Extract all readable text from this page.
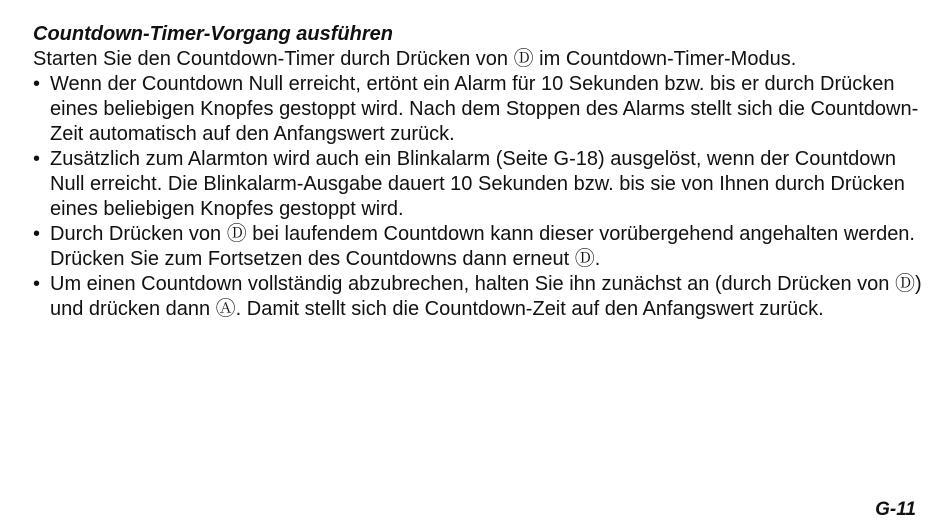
Countdown-Timer-Vorgang ausführen

Starten Sie den Countdown-Timer durch Drücken von Ⓓ im Countdown-Timer-Modus.

• Wenn der Countdown Null erreicht, ertönt ein Alarm für 10 Sekunden bzw. bis er durch Drücken eines beliebigen Knopfes gestoppt wird. Nach dem Stoppen des Alarms stellt sich die Countdown-Zeit automatisch auf den Anfangswert zurück.
• Zusätzlich zum Alarmton wird auch ein Blinkalarm (Seite G-18) ausgelöst, wenn der Countdown Null erreicht. Die Blinkalarm-Ausgabe dauert 10 Sekunden bzw. bis sie von Ihnen durch Drücken eines beliebigen Knopfes gestoppt wird.
• Durch Drücken von Ⓓ bei laufendem Countdown kann dieser vorübergehend angehalten werden. Drücken Sie zum Fortsetzen des Countdowns dann erneut Ⓓ.
• Um einen Countdown vollständig abzubrechen, halten Sie ihn zunächst an (durch Drücken von Ⓓ) und drücken dann Ⓐ. Damit stellt sich die Countdown-Zeit auf den Anfangswert zurück.
G-11
